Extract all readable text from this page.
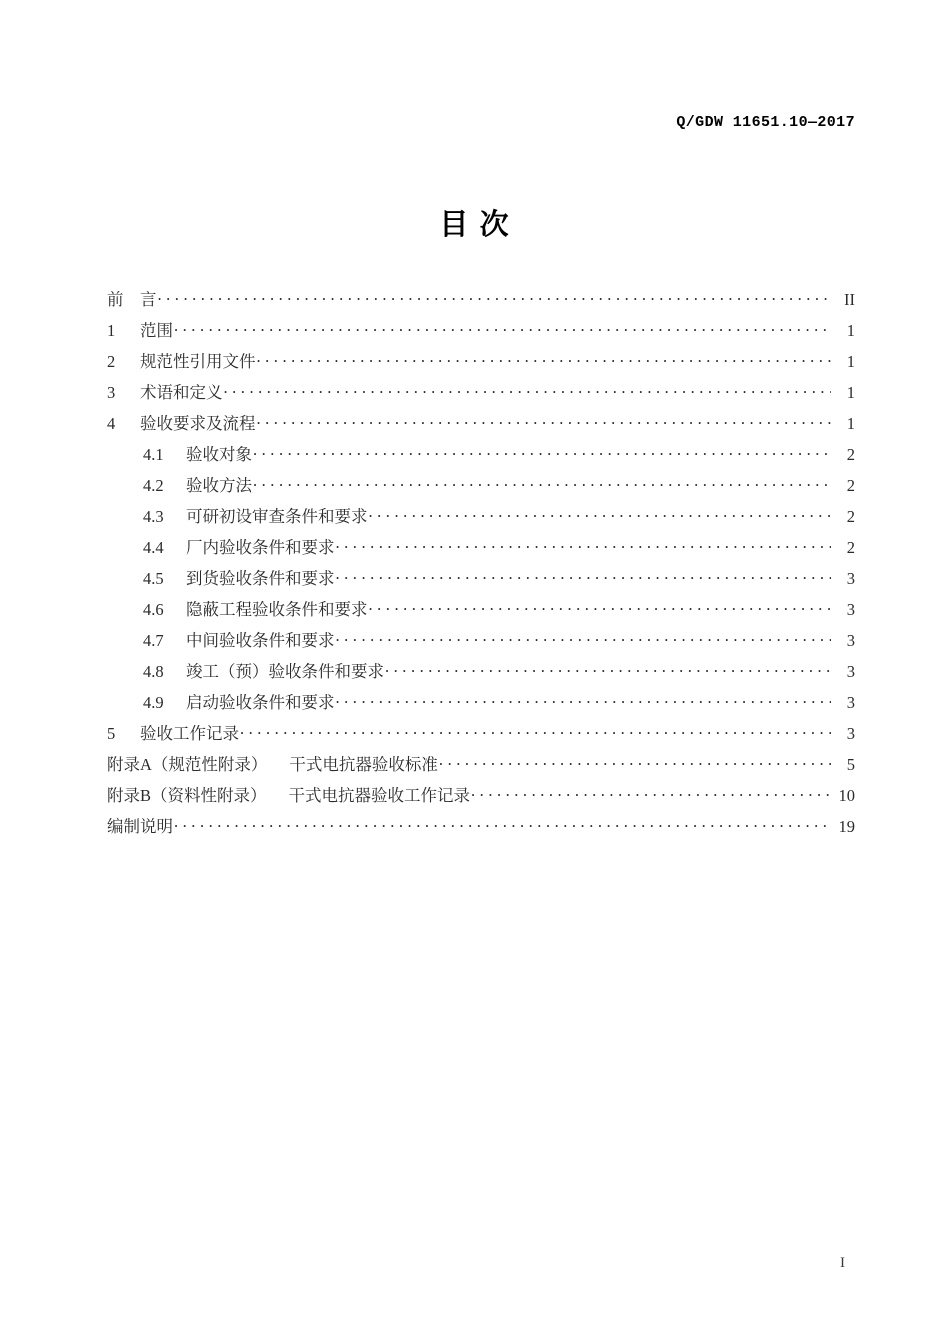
Q/GDW 11651.10—2017
目 次
前 言 . . .	II
1	范围 . . .	1
2	规范性引用文件 . . .	1
3	术语和定义 . . .	1
4	验收要求及流程 . . .	1
4.1	验收对象 . . .	2
4.2	验收方法 . . .	2
4.3	可研初设审查条件和要求 . . .	2
4.4	厂内验收条件和要求 . . .	2
4.5	到货验收条件和要求 . . .	3
4.6	隐蔽工程验收条件和要求 . . .	3
4.7	中间验收条件和要求 . . .	3
4.8	竣工（预）验收条件和要求 . . .	3
4.9	启动验收条件和要求 . . .	3
5	验收工作记录 . . .	3
附录A（规范性附录） 干式电抗器验收标准 . . .	5
附录B（资料性附录） 干式电抗器验收工作记录 . . .	10
编制说明 . . .	19
I
